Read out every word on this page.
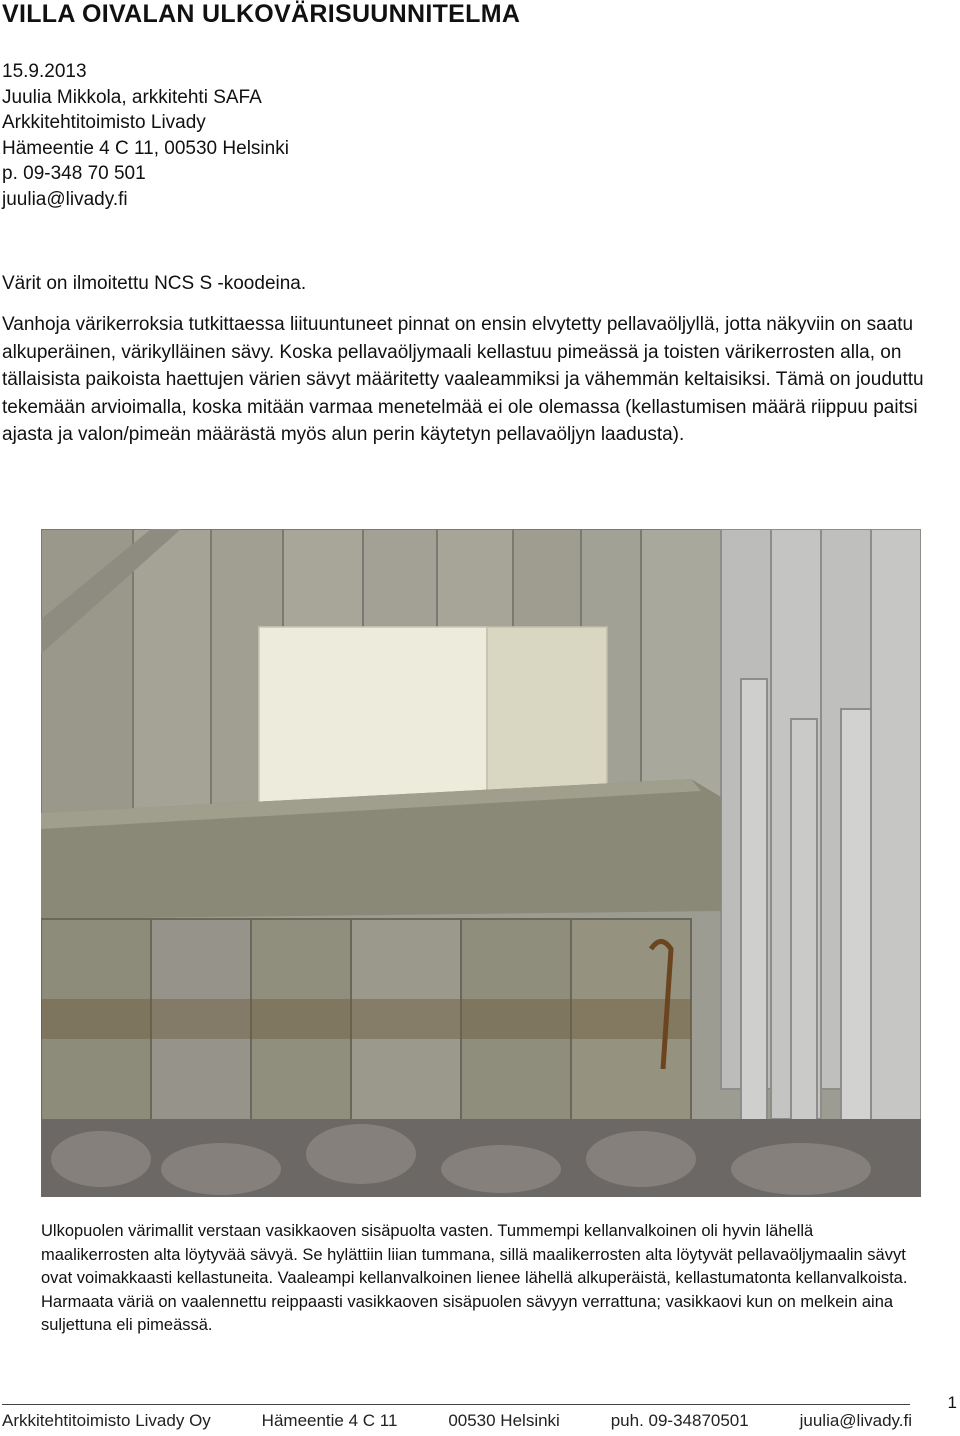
VILLA OIVALAN ULKOVÄRISUUNNITELMA
15.9.2013
Juulia Mikkola, arkkitehti SAFA
Arkkitehtitoimisto Livady
Hämeentie 4 C 11, 00530 Helsinki
p. 09-348 70 501
juulia@livady.fi
Värit on ilmoitettu NCS S -koodeina.

Vanhoja värikerroksia tutkittaessa liituuntuneet pinnat on ensin elvytetty pellavaöljyllä, jotta näkyviin on saatu alkuperäinen, värikylläinen sävy. Koska pellavaöljymaali kellastuu pimeässä ja toisten värikerrosten alla, on tällaisista paikoista haettujen värien sävyt määritetty vaaleammiksi ja vähemmän keltaisiksi. Tämä on jouduttu tekemään arvioimalla, koska mitään varmaa menetelmää ei ole olemassa (kellastumisen määrä riippuu paitsi ajasta ja valon/pimeän määrästä myös alun perin käytetyn pellavaöljyn laadusta).

Ulkopuolen värimallit verstaan vasikkaoven sisäpuolta vasten. Tummempi kellanvalkoinen oli hyvin lähellä maalikerrosten alta löytyvää sävyä. Se hylättiin liian tummana, sillä maalikerrosten alta löytyvät pellavaöljymaalin sävyt ovat voimakkaasti kellastuneita. Vaaleampi kellanvalkoinen lienee lähellä alkuperäistä, kellastumatonta kellanvalkoista. Harmaata väriä on vaalennettu reippaasti vasikkaoven sisäpuolen sävyyn verrattuna; vasikkaovi kun on melkein aina suljettuna eli pimeässä.

1
Arkkitehtitoimisto Livady Oy	Hämeentie 4 C 11	00530 Helsinki	puh. 09-34870501	juulia@livady.fi
